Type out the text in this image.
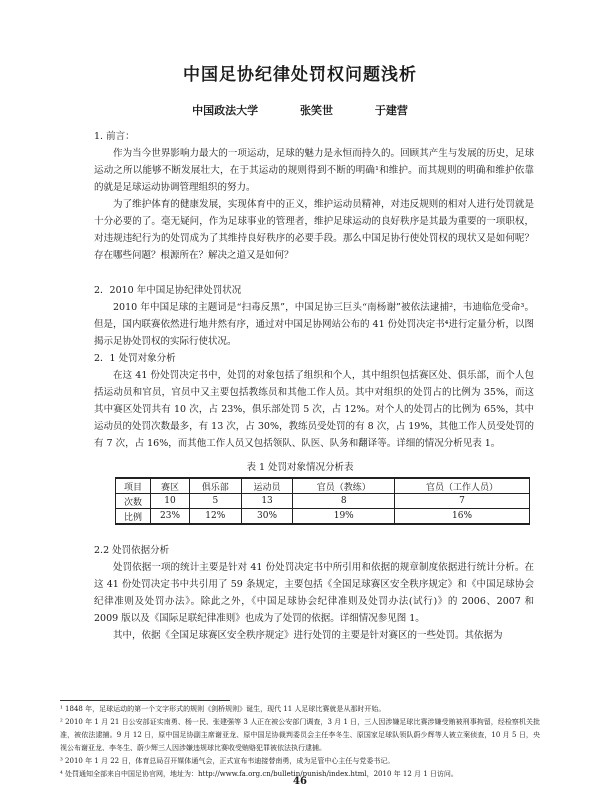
中国足协纪律处罚权问题浅析
中国政法大学	张笑世	于建营
1. 前言：

作为当今世界影响力最大的一项运动，足球的魅力是永恒而持久的。回顾其产生与发展的历史，足球运动之所以能够不断发展壮大，在于其运动的规则得到不断的明确¹和维护。而其规则的明确和维护依靠的就是足球运动协调管理组织的努力。

为了维护体育的健康发展，实现体育中的正义，维护运动员精神，对违反规则的相对人进行处罚就是十分必要的了。毫无疑问，作为足球事业的管理者，维护足球运动的良好秩序是其最为重要的一项职权，对违规违纪行为的处罚成为了其维持良好秩序的必要手段。那么中国足协行使处罚权的现状又是如何呢？存在哪些问题？根源所在？解决之道又是如何？

2．2010 年中国足协纪律处罚状况

2010 年中国足球的主题词是“扫毒反黑”，中国足协三巨头“南杨谢”被依法逮捕²，韦迪临危受命³。但是，国内联赛依然进行地井然有序，通过对中国足协网站公布的 41 份处罚决定书⁴进行定量分析，以图揭示足协处罚权的实际行使状况。

2．1 处罚对象分析

在这 41 份处罚决定书中，处罚的对象包括了组织和个人，其中组织包括赛区处、俱乐部，而个人包括运动员和官员，官员中又主要包括教练员和其他工作人员。其中对组织的处罚占的比例为 35%，而这其中赛区处罚共有 10 次，占 23%，俱乐部处罚 5 次，占 12%。对个人的处罚占的比例为 65%，其中运动员的处罚次数最多，有 13 次，占 30%，教练员受处罚的有 8 次，占 19%，其他工作人员受处罚的有 7 次，占 16%，而其他工作人员又包括领队、队医、队务和翻译等。详细的情况分析见表 1。

表 1 处罚对象情况分析表
项目	赛区	俱乐部	运动员	官员（教练）	官员（工作人员）
次数	10	5	13	8	7
比例	23%	12%	30%	19%	16%
2.2 处罚依据分析

处罚依据一项的统计主要是针对 41 份处罚决定书中所引用和依据的规章制度依据进行统计分析。在这 41 份处罚决定书中共引用了 59 条规定，主要包括《全国足球赛区安全秩序规定》和《中国足球协会纪律准则及处罚办法》。除此之外，《中国足球协会纪律准则及处罚办法(试行)》的 2006、2007 和 2009 版以及《国际足联纪律准则》也成为了处罚的依据。详细情况参见图 1。

其中，依据《全国足球赛区安全秩序规定》进行处罚的主要是针对赛区的一些处罚。其依据为

¹ 1848 年，足球运动的第一个文字形式的规则《剑桥规则》诞生，现代 11 人足球比赛就是从那时开始。

² 2010 年 1 月 21 日公安部证实南勇、杨一民、张建强等 3 人正在被公安部门调查，3 月 1 日，三人因涉嫌足球比赛涉嫌受贿被刑事拘留，经检察机关批准，被依法逮捕。9 月 12 日，原中国足协副主席谢亚龙、原中国足协裁判委员会主任李冬生、原国家足球队领队蔚少辉等人被立案侦查，10 月 5 日，央视公布谢亚龙、李冬生、蔚少辉三人因涉嫌违规球比赛收受贿赂犯罪被依法执行逮捕。

³ 2010 年 1 月 22 日，体育总局召开媒体通气会，正式宣布韦迪接替南勇，成为足管中心主任与党委书记。

⁴ 处罚通知全部来自中国足协官网，地址为：http://www.fa.org.cn/bulletin/punish/index.html，2010 年 12 月 1 日访问。

46
